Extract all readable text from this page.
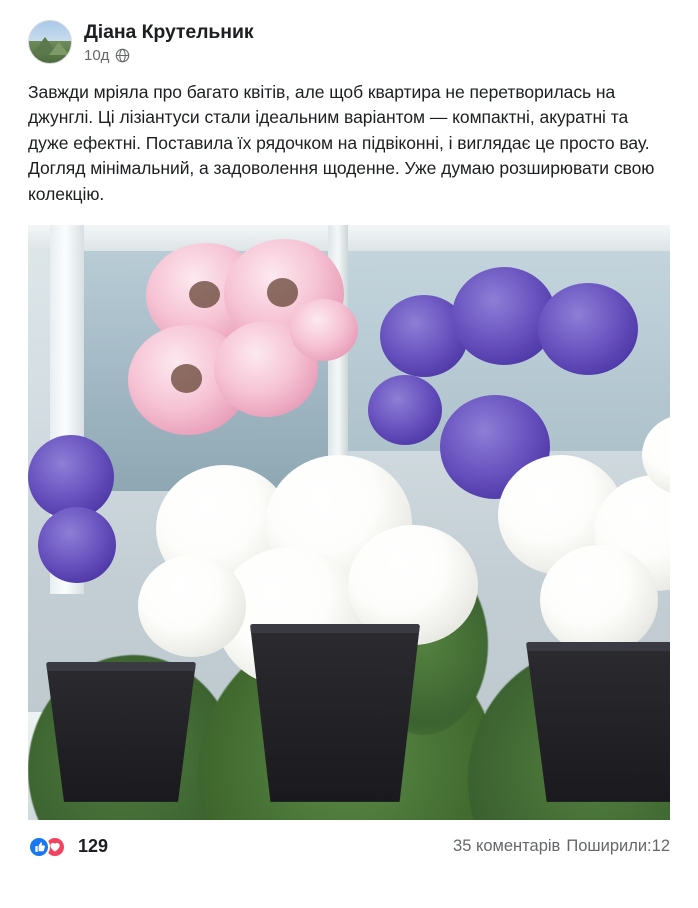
Діана Крутельник
10д
Завжди мріяла про багато квітів, але щоб квартира не перетворилась на джунглі. Ці лізіантуси стали ідеальним варіантом — компактні, акуратні та дуже ефектні. Поставила їх рядочком на підвіконні, і виглядає це просто вау. Догляд мінімальний, а задоволення щоденне. Уже думаю розширювати свою колекцію.
129	35 коментарів Поширили:12
